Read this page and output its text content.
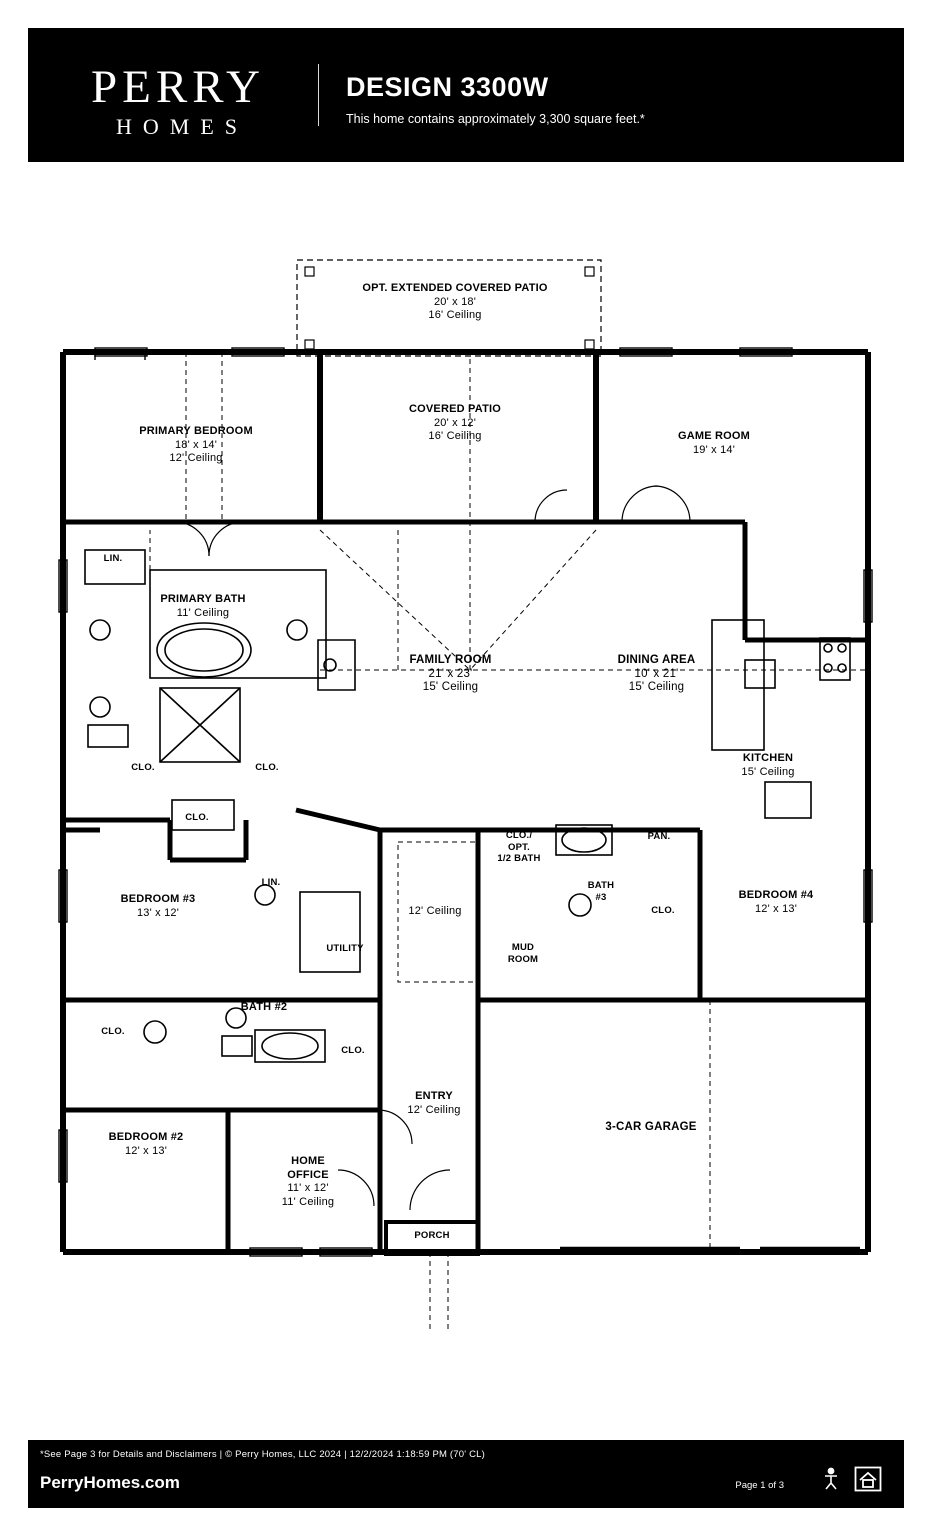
PERRY
HOMES
DESIGN 3300W
This home contains approximately 3,300 square feet.*
OPT. EXTENDED COVERED PATIO
20' x 18'
16' Ceiling
COVERED PATIO
20' x 12'
16' Ceiling
PRIMARY BEDROOM
18' x 14'
12' Ceiling
GAME ROOM
19' x 14'
LIN.
PRIMARY BATH
11' Ceiling
FAMILY ROOM
21' x 23'
15' Ceiling
DINING AREA
10' x 21'
15' Ceiling
KITCHEN
15' Ceiling
CLO.	CLO.
CLO.
CLO./
OPT.
1/2 BATH
PAN.
BATH
#3
CLO.
LIN.
BEDROOM #3
13' x 12'
BEDROOM #4
12' x 13'
12' Ceiling
UTILITY	MUD
ROOM
BATH #2
CLO.
CLO.
3-CAR GARAGE
ENTRY
12' Ceiling
BEDROOM #2
12' x 13'
HOME
OFFICE
11' x 12'
11' Ceiling
PORCH
*See Page 3 for Details and Disclaimers | © Perry Homes, LLC 2024 | 12/2/2024 1:18:59 PM (70' CL)
PerryHomes.com	Page 1 of 3
